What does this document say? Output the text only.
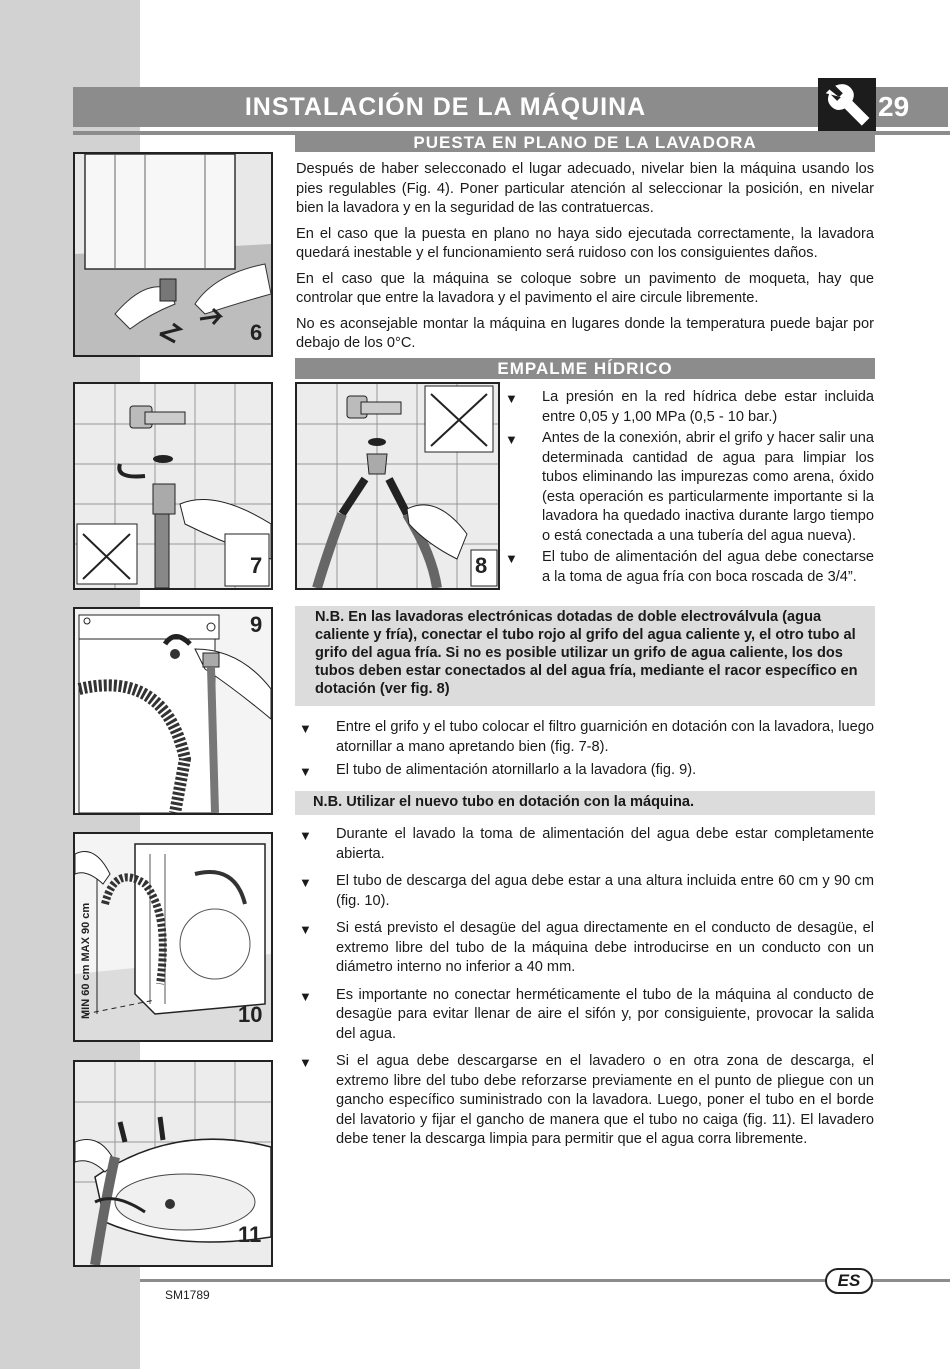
INSTALACIÓN DE LA MÁQUINA	29
PUESTA EN PLANO DE LA LAVADORA
6

Después de haber selecconado el lugar adecuado, nivelar bien la máquina usando los pies regulables (Fig. 4). Poner particular atención al seleccionar la posición, en nivelar bien la lavadora y en la seguridad de las contratuercas.

En el caso que la puesta en plano no haya sido ejecutada correctamente, la lavadora quedará inestable y el funcionamiento será ruidoso con los consiguientes daños.

En el caso que la máquina se coloque sobre un pavimento de moqueta, hay que controlar que entre la lavadora y el pavimento el aire circule libremente.

No es aconsejable montar la máquina en lugares donde la temperatura puede bajar por debajo de los 0°C.

EMPALME HÍDRICO
7	8
▼ La presión en la red hídrica debe estar incluida entre 0,05 y 1,00 MPa (0,5 - 10 bar.)
▼ Antes de la conexión, abrir el grifo y hacer salir una determinada cantidad de agua para limpiar los tubos eliminando las impurezas como arena, óxido (esta operación es particularmente importante si la lavadora ha quedado inactiva durante largo tiempo o está conectada a una tubería del agua nueva).
▼ El tubo de alimentación del agua debe conectarse a la toma de agua fría con boca roscada de 3/4”.
9	N.B. En las lavadoras electrónicas dotadas de doble electroválvula (agua caliente y fría), conectar el tubo rojo al grifo del agua caliente y, el otro tubo al grifo del agua fría. Si no es posible utilizar un grifo de agua caliente, los dos tubos deben estar conectados al del agua fría, mediante el racor específico en dotación (ver fig. 8)
▼ Entre el grifo y el tubo colocar el filtro guarnición en dotación con la lavadora, luego atornillar a mano apretando bien (fig. 7-8).
▼ El tubo de alimentación atornillarlo a la lavadora (fig. 9).
N.B. Utilizar el nuevo tubo en dotación con la máquina.
MIN 60 cm MAX 90 cm	10
11
▼ Durante el lavado la toma de alimentación del agua debe estar completamente abierta.
▼ El tubo de descarga del agua debe estar a una altura incluida entre 60 cm y 90 cm (fig. 10).
▼ Si está previsto el desagüe del agua directamente en el conducto de desagüe, el extremo libre del tubo de la máquina debe introducirse en un conducto con un diámetro interno no inferior a 40 mm.
▼ Es importante no conectar herméticamente el tubo de la máquina al conducto de desagüe para evitar llenar de aire el sifón y, por consiguiente, provocar la salida del agua.
▼ Si el agua debe descargarse en el lavadero o en otra zona de descarga, el extremo libre del tubo debe reforzarse previamente en el punto de pliegue con un gancho específico suministrado con la lavadora. Luego, poner el tubo en el borde del lavatorio y fijar el gancho de manera que el tubo no caiga (fig. 11). El lavadero debe tener la descarga limpia para permitir que el agua corra libremente.
ES
SM1789
